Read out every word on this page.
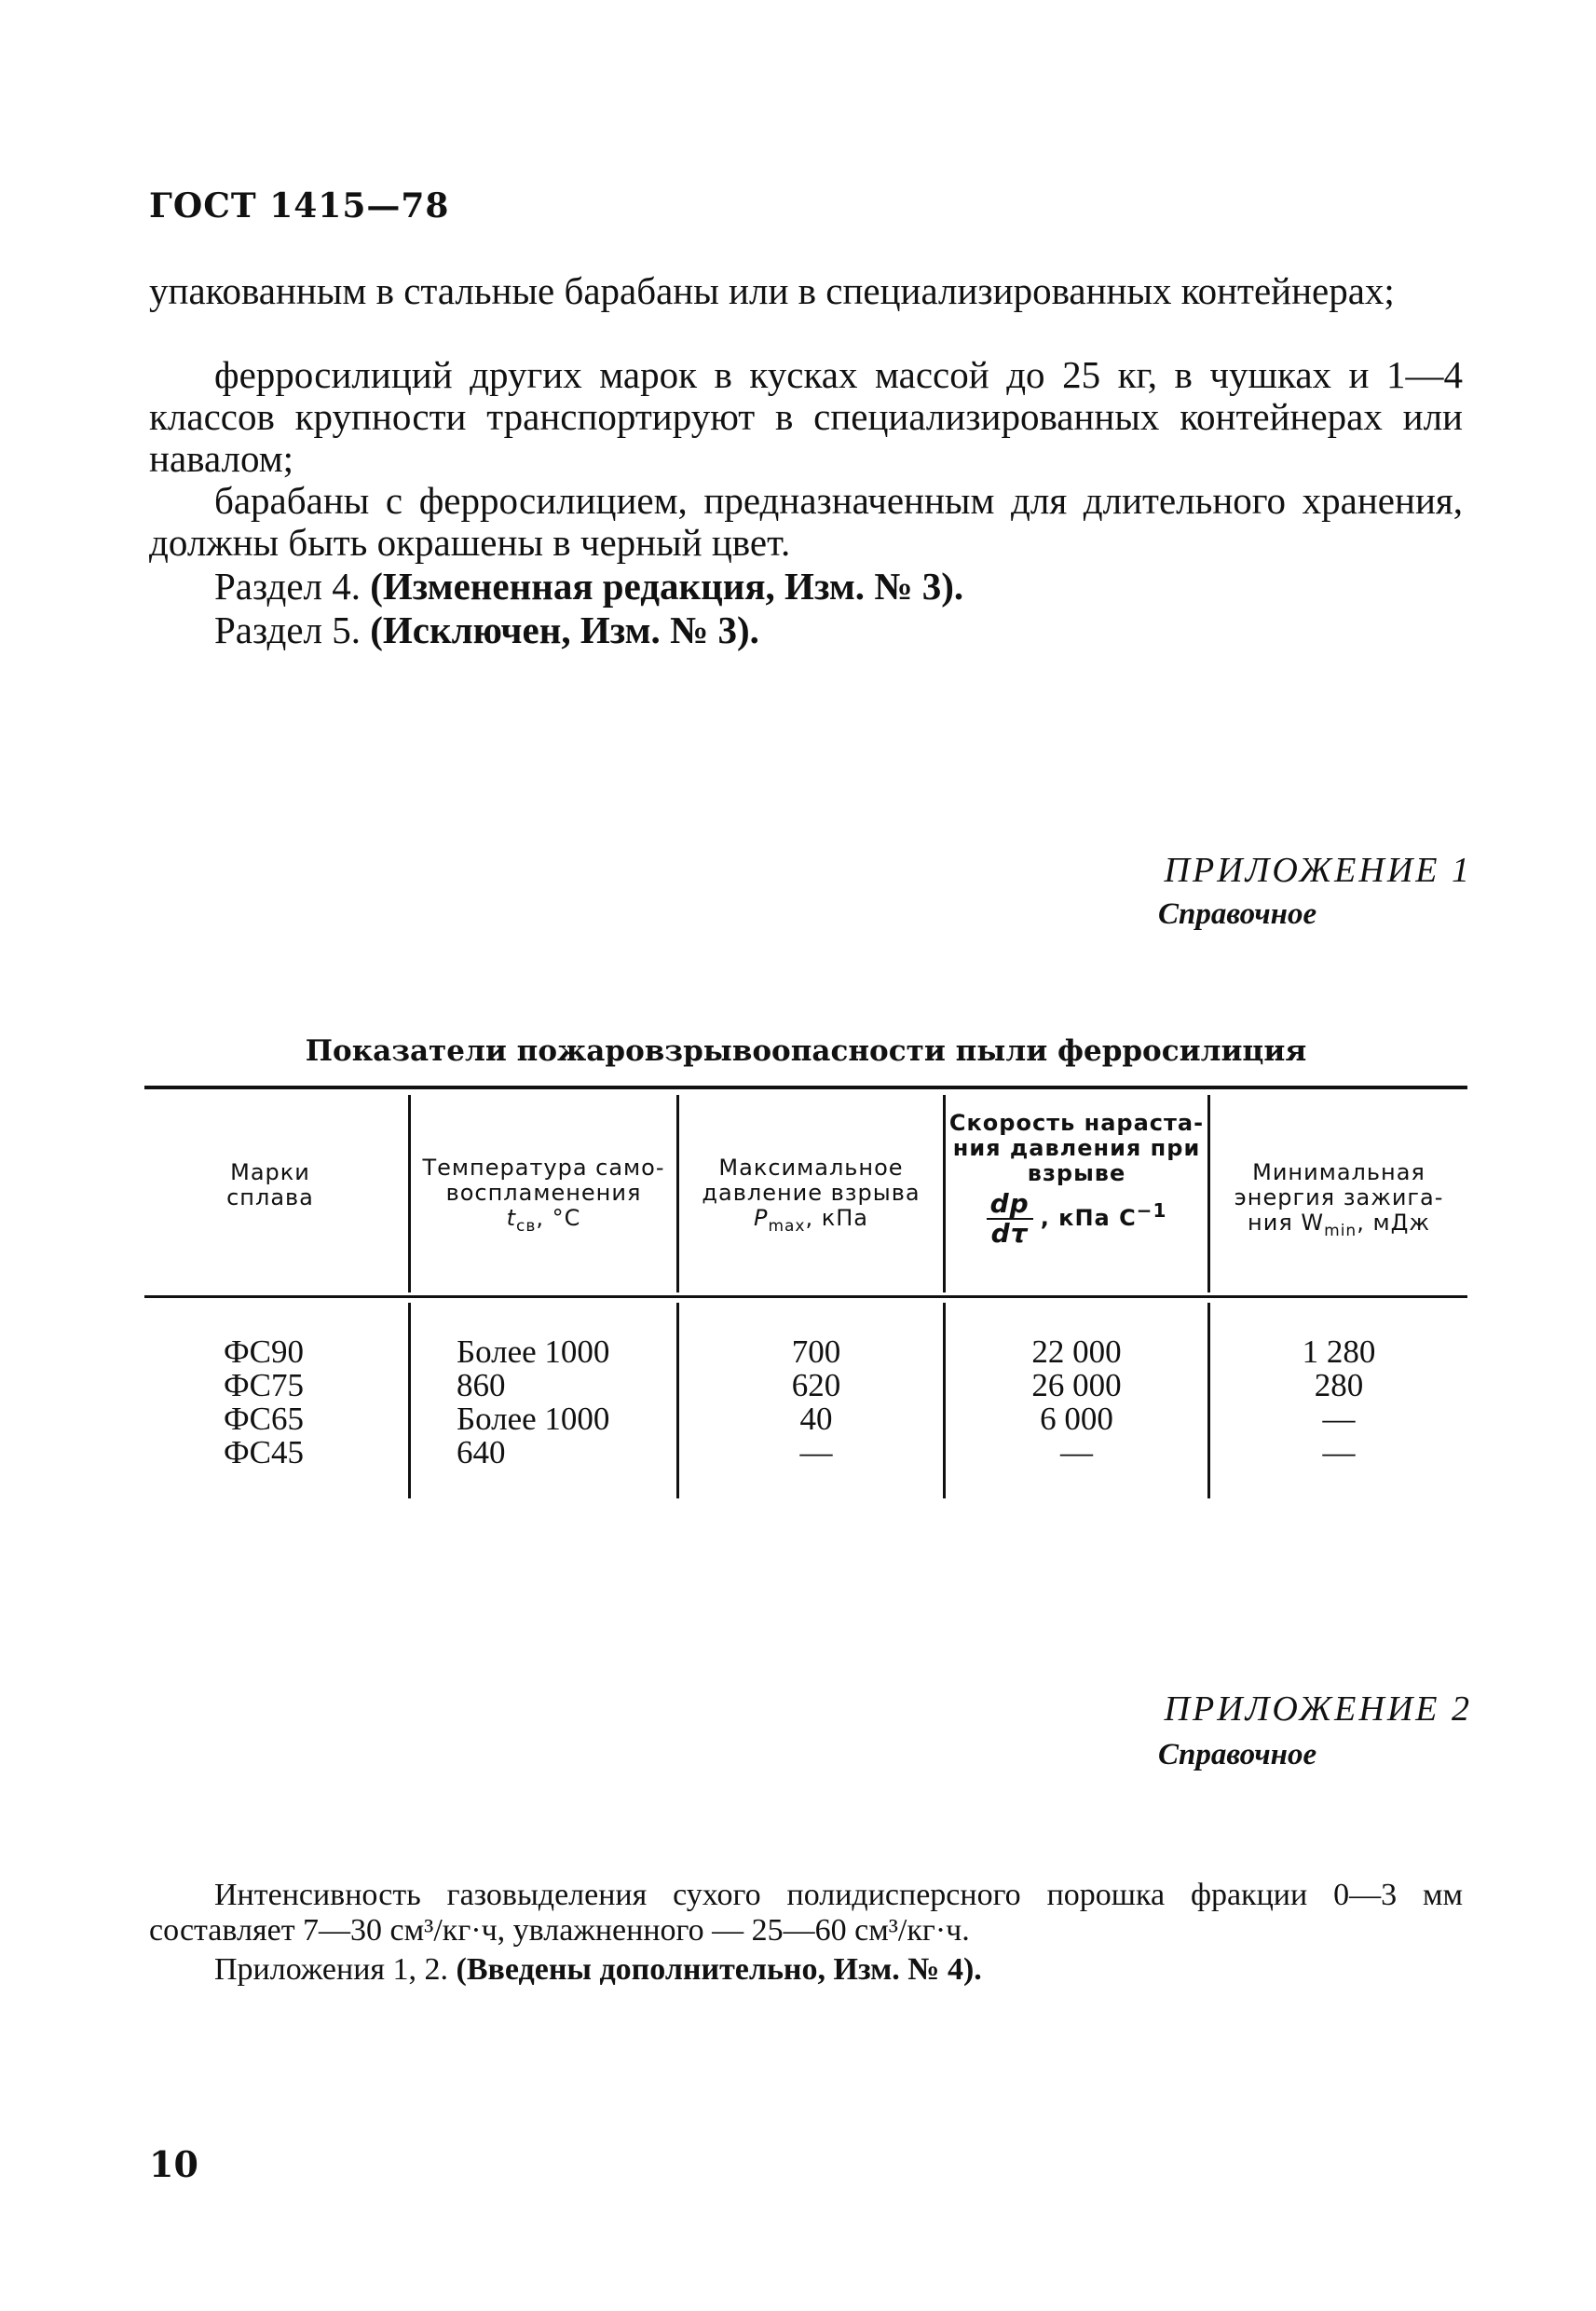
ГОСТ 1415—78
упакованным в стальные барабаны или в специализированных контейнерах;
ферросилиций других марок в кусках массой до 25 кг, в чушках и 1—4 классов крупности транспортируют в специализированных контейнерах или навалом;
барабаны с ферросилицием, предназначенным для длительного хранения, должны быть окрашены в черный цвет.
Раздел 4. (Измененная редакция, Изм. № 3).
Раздел 5. (Исключен, Изм. № 3).
ПРИЛОЖЕНИЕ 1
Справочное
Показатели пожаровзрывоопасности пыли ферросилиция
Марки сплава
Температура само-
воспламенения
$t_{св}$, °С
Максимальное
давление взрыва
$P_{max}$, кПа
Скорость нараста-
ния давления при
взрыве
$\frac{dp}{d\tau}$ , кПа $С^{-1}$
Минимальная
энергия зажига-
ния $W_{min}$, мДж
ФС90
ФС75
ФС65
ФС45
Более 1000
860
Более 1000
640
700
620
40
—
22 000
26 000
6 000
—
1 280
280
—
—
ПРИЛОЖЕНИЕ 2
Справочное
Интенсивность газовыделения сухого полидисперсного порошка фракции 0—3 мм составляет 7—30 см³/кг·ч, увлажненного — 25—60 см³/кг·ч.
Приложения 1, 2. (Введены дополнительно, Изм. № 4).
10
